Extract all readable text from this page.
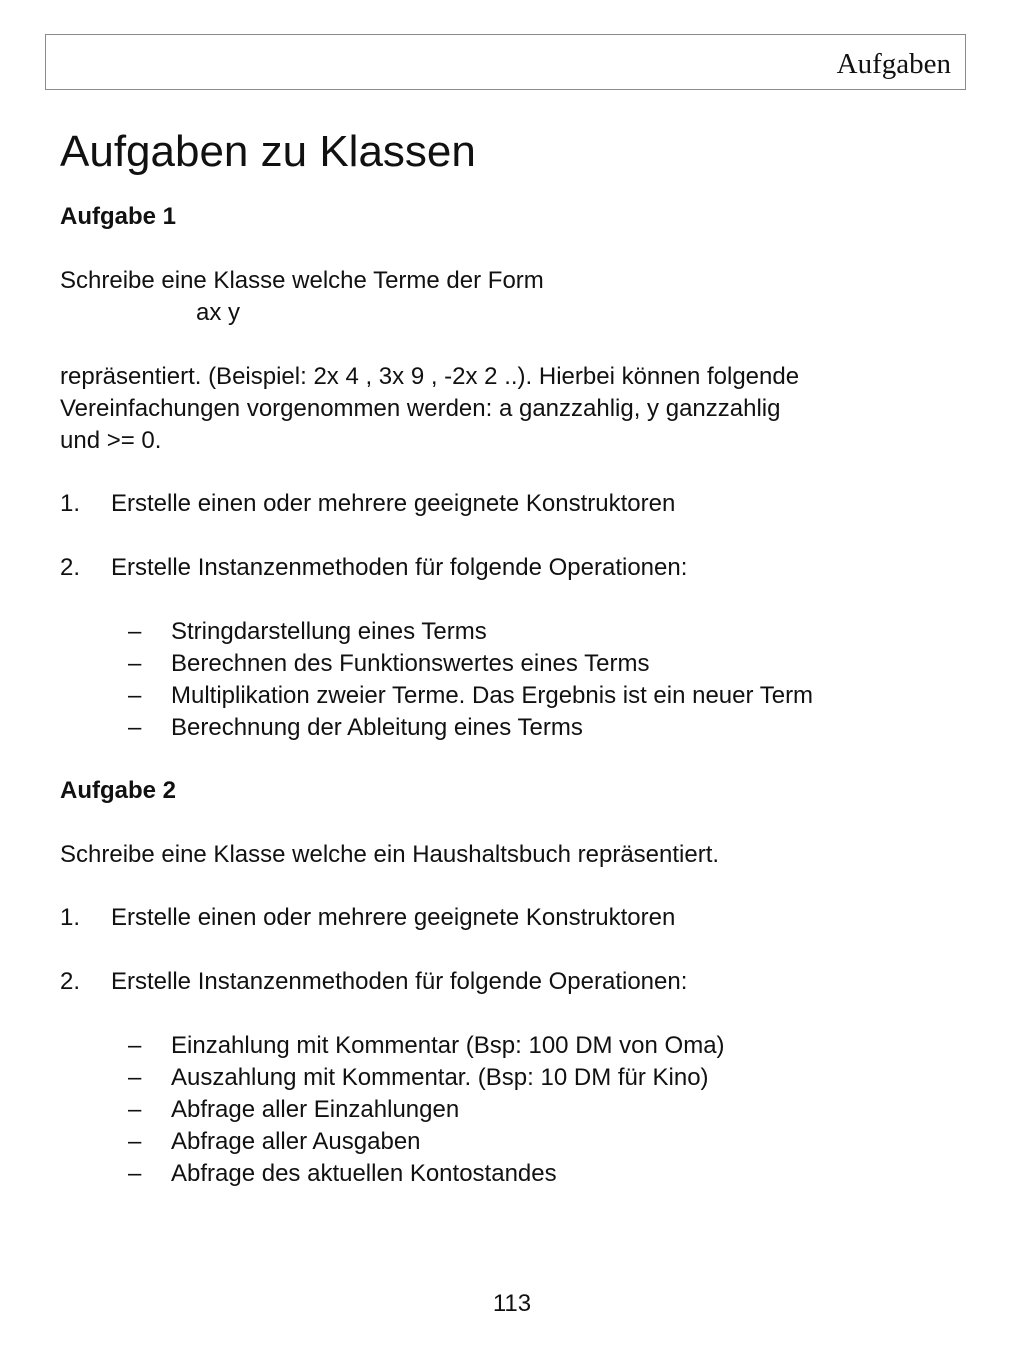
Aufgaben
Aufgaben zu Klassen
Aufgabe 1
Schreibe eine Klasse welche Terme der Form
ax y
repräsentiert. (Beispiel: 2x 4 , 3x 9 , -2x 2 ..). Hierbei können folgende
Vereinfachungen vorgenommen werden: a ganzzahlig, y ganzzahlig
und >= 0.
1. Erstelle einen oder mehrere geeignete Konstruktoren
2. Erstelle Instanzenmethoden für folgende Operationen:
– Stringdarstellung eines Terms
– Berechnen des Funktionswertes eines Terms
– Multiplikation zweier Terme. Das Ergebnis ist ein neuer Term
– Berechnung der Ableitung eines Terms
Aufgabe 2
Schreibe eine Klasse welche ein Haushaltsbuch repräsentiert.
1. Erstelle einen oder mehrere geeignete Konstruktoren
2. Erstelle Instanzenmethoden für folgende Operationen:
– Einzahlung mit Kommentar (Bsp: 100 DM von Oma)
– Auszahlung mit Kommentar. (Bsp: 10 DM für Kino)
– Abfrage aller Einzahlungen
– Abfrage aller Ausgaben
– Abfrage des aktuellen Kontostandes
113
